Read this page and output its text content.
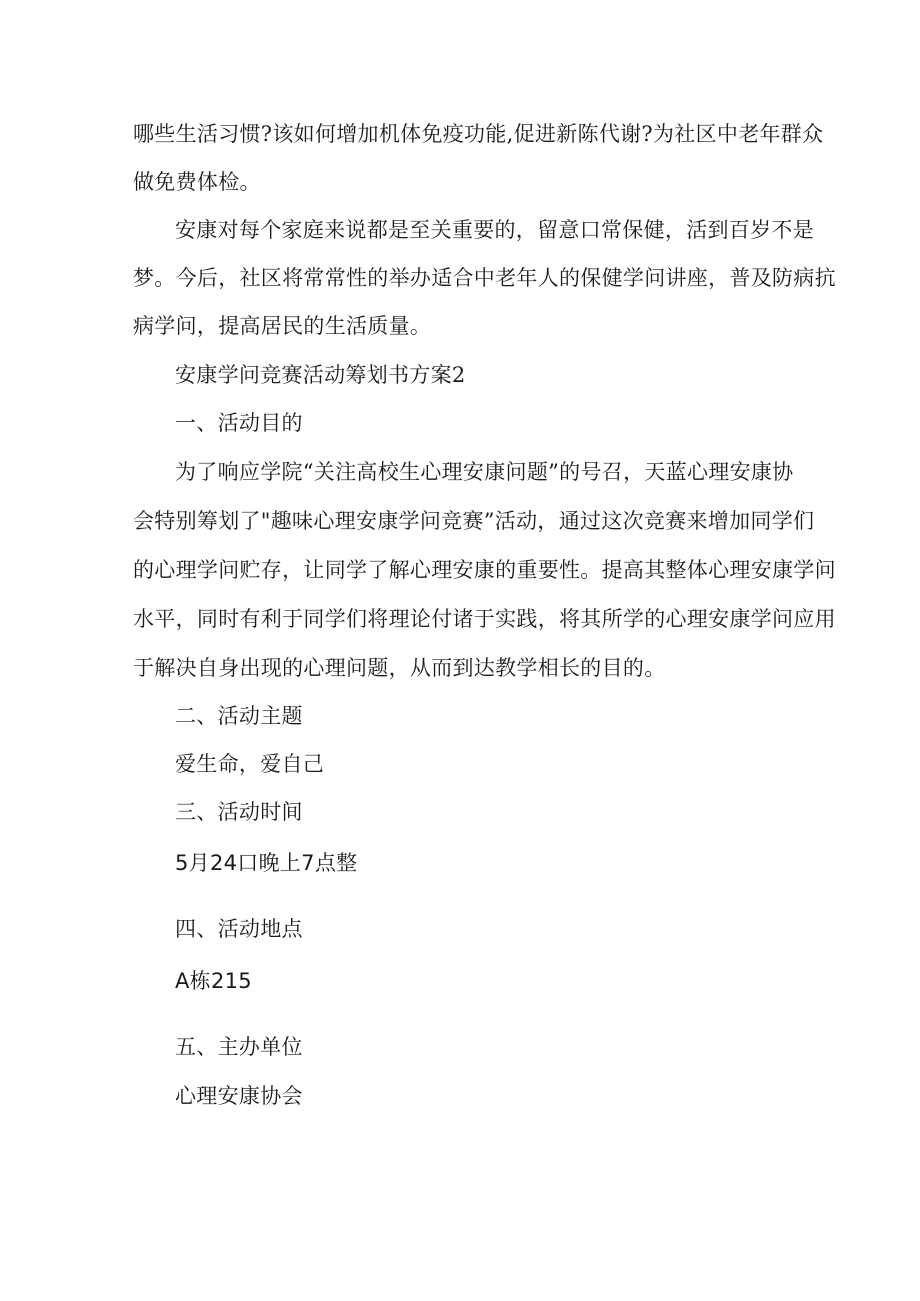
哪些生活习惯?该如何增加机体免疫功能,促进新陈代谢?为社区中老年群众
做免费体检。
安康对每个家庭来说都是至关重要的，留意口常保健，活到百岁不是
梦。今后，社区将常常性的举办适合中老年人的保健学问讲座，普及防病抗
病学问，提高居民的生活质量。
安康学问竞赛活动筹划书方案2
一、活动目的
为了响应学院“关注高校生心理安康问题”的号召，天蓝心理安康协
会特别筹划了"趣味心理安康学问竞赛”活动，通过这次竞赛来增加同学们
的心理学问贮存，让同学了解心理安康的重要性。提高其整体心理安康学问
水平，同时有利于同学们将理论付诸于实践，将其所学的心理安康学问应用
于解决自身出现的心理问题，从而到达教学相长的目的。
二、活动主题
爱生命，爱自己
三、活动时间
5月24口晚上7点整
四、活动地点
A栋215
五、主办单位
心理安康协会
